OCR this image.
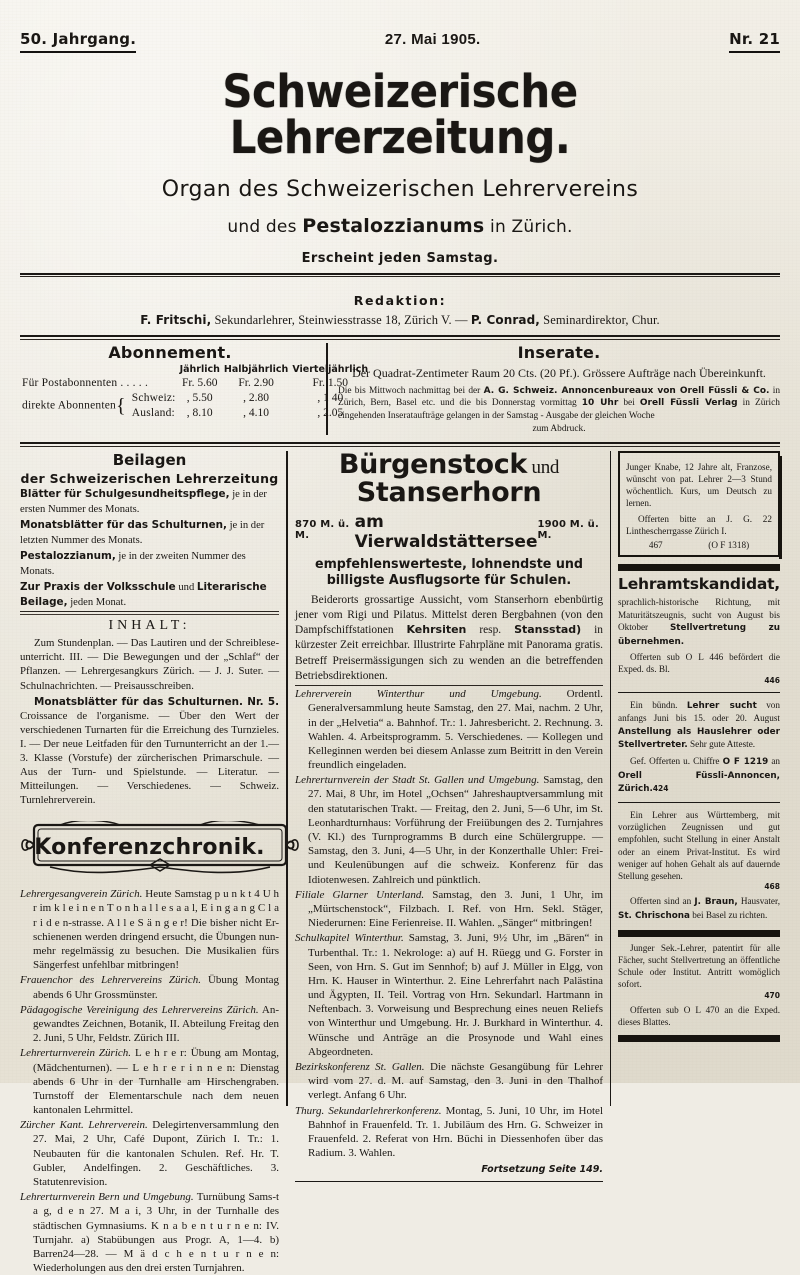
50. Jahrgang.	27. Mai 1905.	Nr. 21
Schweizerische Lehrerzeitung.
Organ des Schweizerischen Lehrervereins
und des Pestalozzianums in Zürich.
Erscheint jeden Samstag.
Redaktion:
F. Fritschi, Sekundarlehrer, Steinwiesstrasse 18, Zürich V. — P. Conrad, Seminardirektor, Chur.
Abonnement.
		Jährlich	Halbjährlich	Vierteljährlich
Für Postabonnenten . . . . .		Fr. 5.60	Fr. 2.90	Fr. 1.50
direkte Abonnenten{	Schweiz:	, 5.50	, 2.80	, 1 40
	Ausland:	, 8.10	, 4.10	, 2.05
Inserate.
Der Quadrat-Zentimeter Raum 20 Cts. (20 Pf.). Grössere Aufträge nach Übereinkunft.
Die bis Mittwoch nachmittag bei der A. G. Schweiz. Annoncenbureaux von Orell Füssli & Co. in Zürich, Bern, Basel etc. und die bis Donnerstag vormittag 10 Uhr bei Orell Füssli Verlag in Zürich eingehenden Inserataufträge gelangen in der Samstag - Ausgabe der gleichen Woche
zum Abdruck.
Beilagen
der Schweizerischen Lehrerzeitung
Blätter für Schulgesundheitspflege, je in der ersten Nummer des Monats.
Monatsblätter für das Schulturnen, je in der letzten Nummer des Monats.
Pestalozzianum, je in der zweiten Nummer des Monats.
Zur Praxis der Volksschule und Literarische Beilage, jeden Monat.
INHALT:
Zum Stundenplan. — Das Lautiren und der Schreiblese-unterricht. III. — Die Bewegungen und der „Schlaf“ der Pflanzen. — Lehrergesangkurs Zürich. — J. J. Suter. — Schulnachrichten. — Preisausschreiben.
Monatsblätter für das Schulturnen. Nr. 5. Croissance de l'organisme. — Über den Wert der verschiedenen Turnarten für die Erreichung des Turnzieles. I. — Der neue Leitfaden für den Turnunterricht an der 1.—3. Klasse (Vorstufe) der zürcherischen Primarschule. — Aus der Turn- und Spielstunde. — Literatur. — Mitteilungen. — Verschiedenes. — Schweiz. Turnlehrerverein.
Konferenzchronik.
Lehrergesangverein Zürich. Heute Samstag p u n k t 4 U h r im k l e i n e n T o n h a l l e s a a l, E i n g a n g C l a r i d e n-strasse. A l l e S ä n g e r! Die bisher nicht Er-schienenen werden dringend ersucht, die Übungen nun-mehr regelmässig zu besuchen. Die Musikalien fürs Sängerfest unfehlbar mitbringen!
Frauenchor des Lehrervereins Zürich. Übung Montag abends 6 Uhr Grossmünster.
Pädagogische Vereinigung des Lehrervereins Zürich. An-gewandtes Zeichnen, Botanik, II. Abteilung Freitag den 2. Juni, 5 Uhr, Feldstr. Zürich III.
Lehrerturnverein Zürich. L e h r e r: Übung am Montag, (Mädchenturnen). — L e h r e r i n n e n: Dienstag abends 6 Uhr in der Turnhalle am Hirschengraben. Turnstoff der Elementarschule nach dem neuen kantonalen Lehrmittel.
Zürcher Kant. Lehrerverein. Delegirtenversammlung den 27. Mai, 2 Uhr, Café Dupont, Zürich I. Tr.: 1. Neubauten für die kantonalen Schulen. Ref. Hr. T. Gubler, Andelfingen. 2. Geschäftliches. 3. Statutenrevision.
Lehrerturnverein Bern und Umgebung. Turnübung Sams-t a g, d e n 27. M a i, 3 Uhr, in der Turnhalle des städtischen Gymnasiums. K n a b e n t u r n e n: IV. Turnjahr. a) Stabübungen aus Progr. A, 1—4. b) Barren24—28. — M ä d c h e n t u r n e n: Wiederholungen aus den drei ersten Turnjahren.
Bürgenstock und Stanserhorn
870 M. ü. M.
am Vierwaldstättersee
1900 M. ü. M.
empfehlenswerteste, lohnendste und billigste Ausflugsorte für Schulen.
Beiderorts grossartige Aussicht, vom Stanserhorn ebenbürtig jener vom Rigi und Pilatus. Mittelst deren Bergbahnen (von den Dampfschiffstationen Kehrsiten resp. Stansstad) in kürzester Zeit erreichbar. Illustrirte Fahrpläne mit Panorama gratis. Betreff Preisermässigungen sich zu wenden an die betreffenden Betriebsdirektionen.
Lehrerverein Winterthur und Umgebung. Ordentl. Generalversammlung heute Samstag, den 27. Mai, nachm. 2 Uhr, in der „Helvetia“ a. Bahnhof. Tr.: 1. Jahresbericht. 2. Rechnung. 3. Wahlen. 4. Arbeitsprogramm. 5. Verschiedenes. — Kollegen und Kelleginnen werden bei diesem Anlasse zum Beitritt in den Verein freundlich eingeladen.
Lehrerturnverein der Stadt St. Gallen und Umgebung. Samstag, den 27. Mai, 8 Uhr, im Hotel „Ochsen“ Jahreshauptversammlung mit den statutarischen Trakt. — Freitag, den 2. Juni, 5—6 Uhr, im St. Leonhardturnhaus: Vorführung der Freiübungen des 2. Turnjahres (V. Kl.) des Turnprogramms B durch eine Schülergruppe. — Samstag, den 3. Juni, 4—5 Uhr, in der Konzerthalle Uhler: Frei- und Keulenübungen auf die schweiz. Konferenz für das Idiotenwesen. Zahlreich und pünktlich.
Filiale Glarner Unterland. Samstag, den 3. Juni, 1 Uhr, im „Mürtschenstock“, Filzbach. I. Ref. von Hrn. Sekl. Stäger, Niederurnen: Eine Ferienreise. II. Wahlen. „Sänger“ mitbringen!
Schulkapitel Winterthur. Samstag, 3. Juni, 9½ Uhr, im „Bären“ in Turbenthal. Tr.: 1. Nekrologe: a) auf H. Rüegg und G. Forster in Seen, von Hrn. S. Gut im Sennhof; b) auf J. Müller in Elgg, von Hrn. K. Hauser in Winterthur. 2. Eine Lehrerfahrt nach Palästina und Ägypten, II. Teil. Vortrag von Hrn. Sekundarl. Hartmann in Neftenbach. 3. Vorweisung und Besprechung eines neuen Reliefs von Winterthur und Umgebung. Hr. J. Burkhard in Winterthur. 4. Wünsche und Anträge an die Prosynode und Wahl eines Abgeordneten.
Bezirkskonferenz St. Gallen. Die nächste Gesangübung für Lehrer wird vom 27. d. M. auf Samstag, den 3. Juni in den Thalhof verlegt. Anfang 6 Uhr.
Thurg. Sekundarlehrerkonferenz. Montag, 5. Juni, 10 Uhr, im Hotel Bahnhof in Frauenfeld. Tr. 1. Jubiläum des Hrn. G. Schweizer in Frauenfeld. 2. Referat von Hrn. Büchi in Diessenhofen über das Radium. 3. Wahlen.
Fortsetzung Seite 149.
Junger Knabe, 12 Jahre alt, Franzose, wünscht von pat. Lehrer 2—3 Stund wöchentlich. Kurs, um Deutsch zu lernen.
Offerten bitte an J. G. 22 Linthescherrgasse Zürich I.
467	(O F 1318)
Lehramtskandidat,
sprachlich-historische Richtung, mit Maturitätszeugnis, sucht von August bis Oktober Stellvertretung zu übernehmen.
Offerten sub O L 446 befördert die Exped. ds. Bl.
446
Ein bündn. Lehrer sucht von anfangs Juni bis 15. oder 20. August Anstellung als Hauslehrer oder Stellvertreter. Sehr gute Atteste.
Gef. Offerten u. Chiffre O F 1219 an Orell Füssli-Annoncen, Zürich.424
Ein Lehrer aus Württemberg, mit vorzüglichen Zeugnissen und gut empfohlen, sucht Stellung in einer Anstalt oder an einem Privat-Institut. Es wird weniger auf hohen Gehalt als auf dauernde Stellung gesehen.
468
Offerten sind an J. Braun, Hausvater, St. Chrischona bei Basel zu richten.
Junger Sek.-Lehrer, patentirt für alle Fächer, sucht Stellvertretung an öffentliche Schule oder Institut. Antritt womöglich sofort.
470
Offerten sub O L 470 an die Exped. dieses Blattes.
